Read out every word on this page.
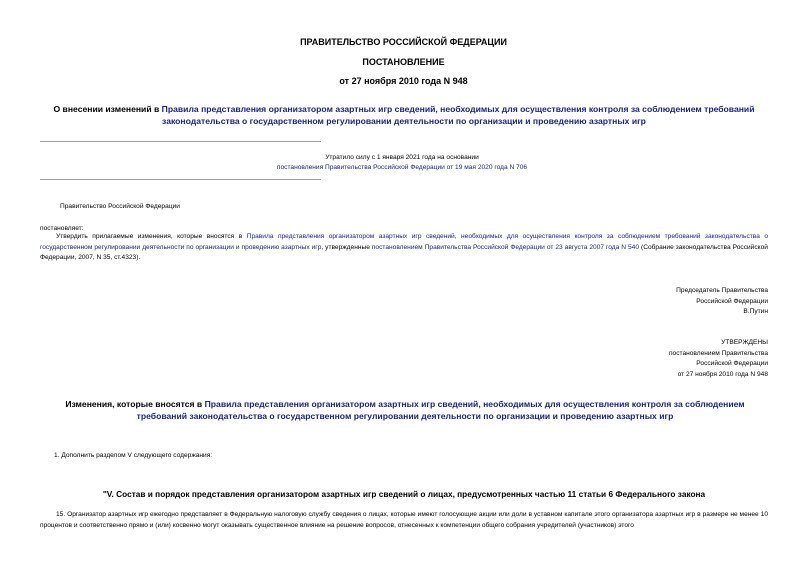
ПРАВИТЕЛЬСТВО РОССИЙСКОЙ ФЕДЕРАЦИИ
ПОСТАНОВЛЕНИЕ
от 27 ноября 2010 года N 948
О внесении изменений в Правила представления организатором азартных игр сведений, необходимых для осуществления контроля за соблюдением требований законодательства о государственном регулировании деятельности по организации и проведению азартных игр
Утратило силу с 1 января 2021 года на основании
постановления Правительства Российской Федерации от 19 мая 2020 года N 706
Правительство Российской Федерации
постановляет:
Утвердить прилагаемые изменения, которые вносятся в Правила представления организатором азартных игр сведений, необходимых для осуществления контроля за соблюдением требований законодательства о государственном регулировании деятельности по организации и проведению азартных игр, утвержденные постановлением Правительства Российской Федерации от 23 августа 2007 года N 540 (Собрание законодательства Российской Федерации, 2007, N 35, ст.4323).
Председатель Правительства
Российской Федерации
В.Путин
УТВЕРЖДЕНЫ
постановлением Правительства
Российской Федерации
от 27 ноября 2010 года N 948
Изменения, которые вносятся в Правила представления организатором азартных игр сведений, необходимых для осуществления контроля за соблюдением требований законодательства о государственном регулировании деятельности по организации и проведению азартных игр
1. Дополнить разделом V следующего содержания:
"V. Состав и порядок представления организатором азартных игр сведений о лицах, предусмотренных частью 11 статьи 6 Федерального закона
15. Организатор азартных игр ежегодно представляет в Федеральную налоговую службу сведения о лицах, которые имеют голосующие акции или доли в уставном капитале этого организатора азартных игр в размере не менее 10 процентов и соответственно прямо и (или) косвенно могут оказывать существенное влияние на решение вопросов, отнесенных к компетенции общего собрания учредителей (участников) этого
